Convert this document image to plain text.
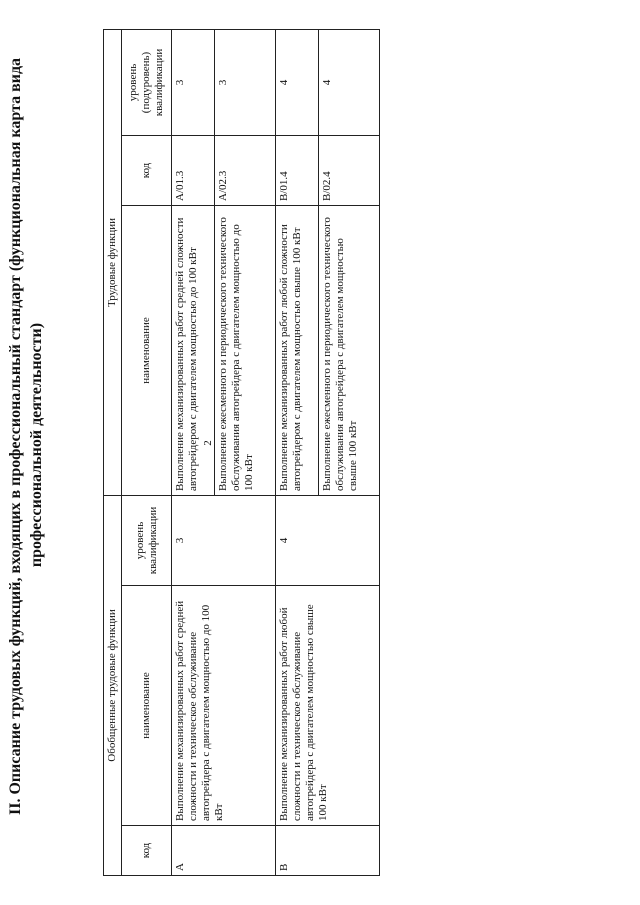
2
II. Описание трудовых функций, входящих в профессиональный стандарт (функциональная карта вида профессиональной деятельности)
Обобщенные трудовые функции			Трудовые функции		
код	наименование	уровень квалификации	наименование	код	уровень (подуровень) квалификации
А	Выполнение механизированных работ средней сложности и техническое обслуживание автогрейдера с двигателем мощностью до 100 кВт	3	Выполнение механизированных работ средней сложности автогрейдером с двигателем мощностью до 100 кВт	A/01.3	3
			Выполнение ежесменного и периодического технического обслуживания автогрейдера с двигателем мощностью до 100 кВт	A/02.3	3
В	Выполнение механизированных работ любой сложности и техническое обслуживание автогрейдера с двигателем мощностью свыше 100 кВт	4	Выполнение механизированных работ любой сложности автогрейдером с двигателем мощностью свыше 100 кВт	B/01.4	4
			Выполнение ежесменного и периодического технического обслуживания автогрейдера с двигателем мощностью свыше 100 кВт	B/02.4	4
